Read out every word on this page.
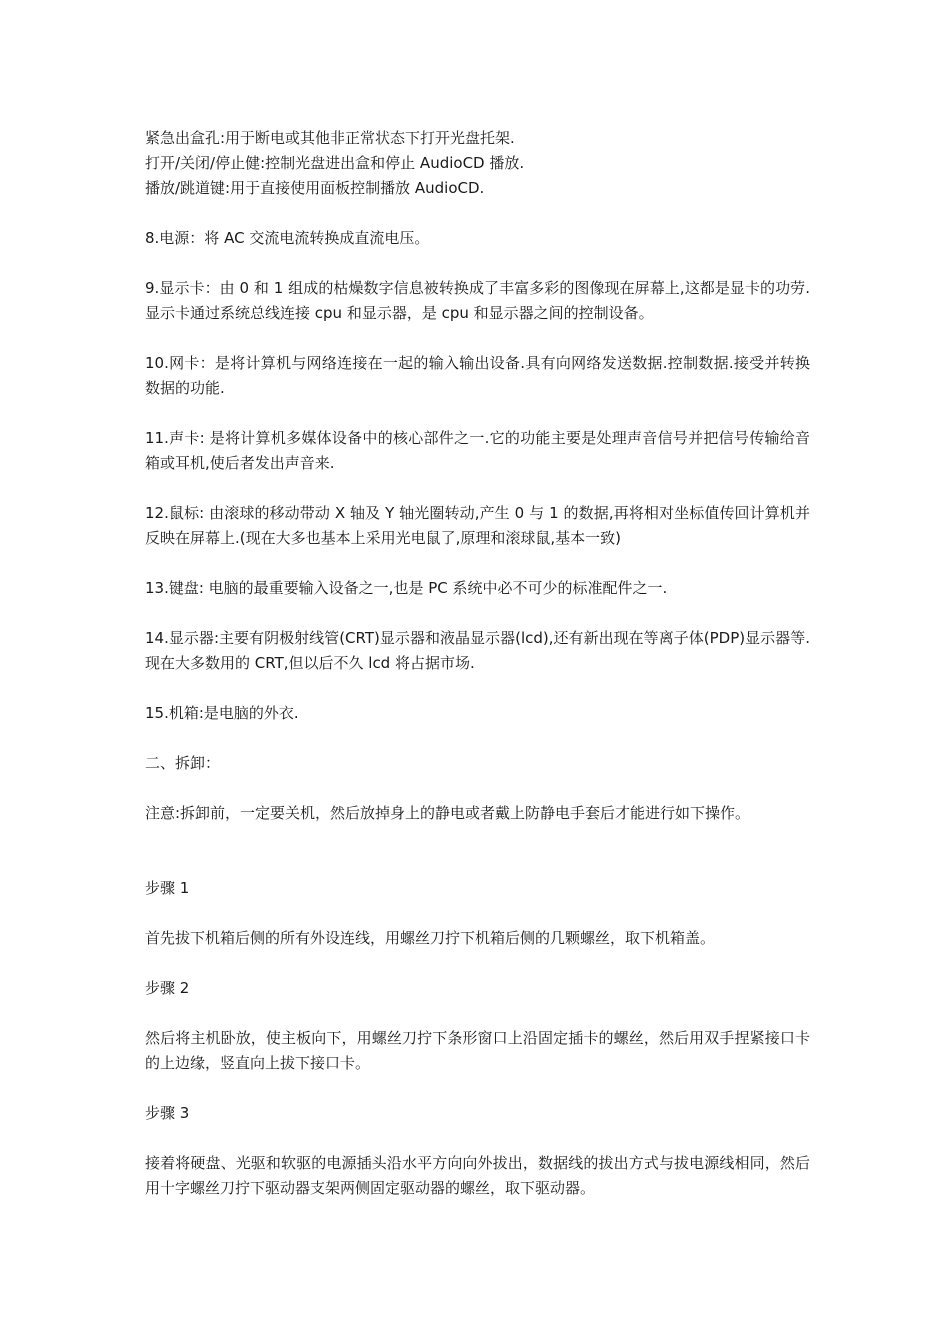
紧急出盒孔:用于断电或其他非正常状态下打开光盘托架.
打开/关闭/停止健:控制光盘进出盒和停止 AudioCD 播放.
播放/跳道键:用于直接使用面板控制播放 AudioCD.
8.电源：将 AC 交流电流转换成直流电压。
9.显示卡：由 0 和 1 组成的枯燥数字信息被转换成了丰富多彩的图像现在屏幕上,这都是显卡的功劳.显示卡通过系统总线连接 cpu 和显示器，是 cpu 和显示器之间的控制设备。
10.网卡：是将计算机与网络连接在一起的输入输出设备.具有向网络发送数据.控制数据.接受并转换数据的功能.
11.声卡: 是将计算机多媒体设备中的核心部件之一.它的功能主要是处理声音信号并把信号传输给音箱或耳机,使后者发出声音来.
12.鼠标: 由滚球的移动带动 X 轴及 Y 轴光圈转动,产生 0 与 1 的数据,再将相对坐标值传回计算机并反映在屏幕上.(现在大多也基本上采用光电鼠了,原理和滚球鼠,基本一致)
13.键盘: 电脑的最重要输入设备之一,也是 PC 系统中必不可少的标准配件之一.
14.显示器:主要有阴极射线管(CRT)显示器和液晶显示器(lcd),还有新出现在等离子体(PDP)显示器等.现在大多数用的 CRT,但以后不久 lcd 将占据市场.
15.机箱:是电脑的外衣.
二、拆卸：
注意:拆卸前，一定要关机，然后放掉身上的静电或者戴上防静电手套后才能进行如下操作。
步骤 1
首先拔下机箱后侧的所有外设连线，用螺丝刀拧下机箱后侧的几颗螺丝，取下机箱盖。
步骤 2
然后将主机卧放，使主板向下，用螺丝刀拧下条形窗口上沿固定插卡的螺丝，然后用双手捏紧接口卡的上边缘，竖直向上拔下接口卡。
步骤 3
接着将硬盘、光驱和软驱的电源插头沿水平方向向外拔出，数据线的拔出方式与拔电源线相同，然后用十字螺丝刀拧下驱动器支架两侧固定驱动器的螺丝，取下驱动器。
